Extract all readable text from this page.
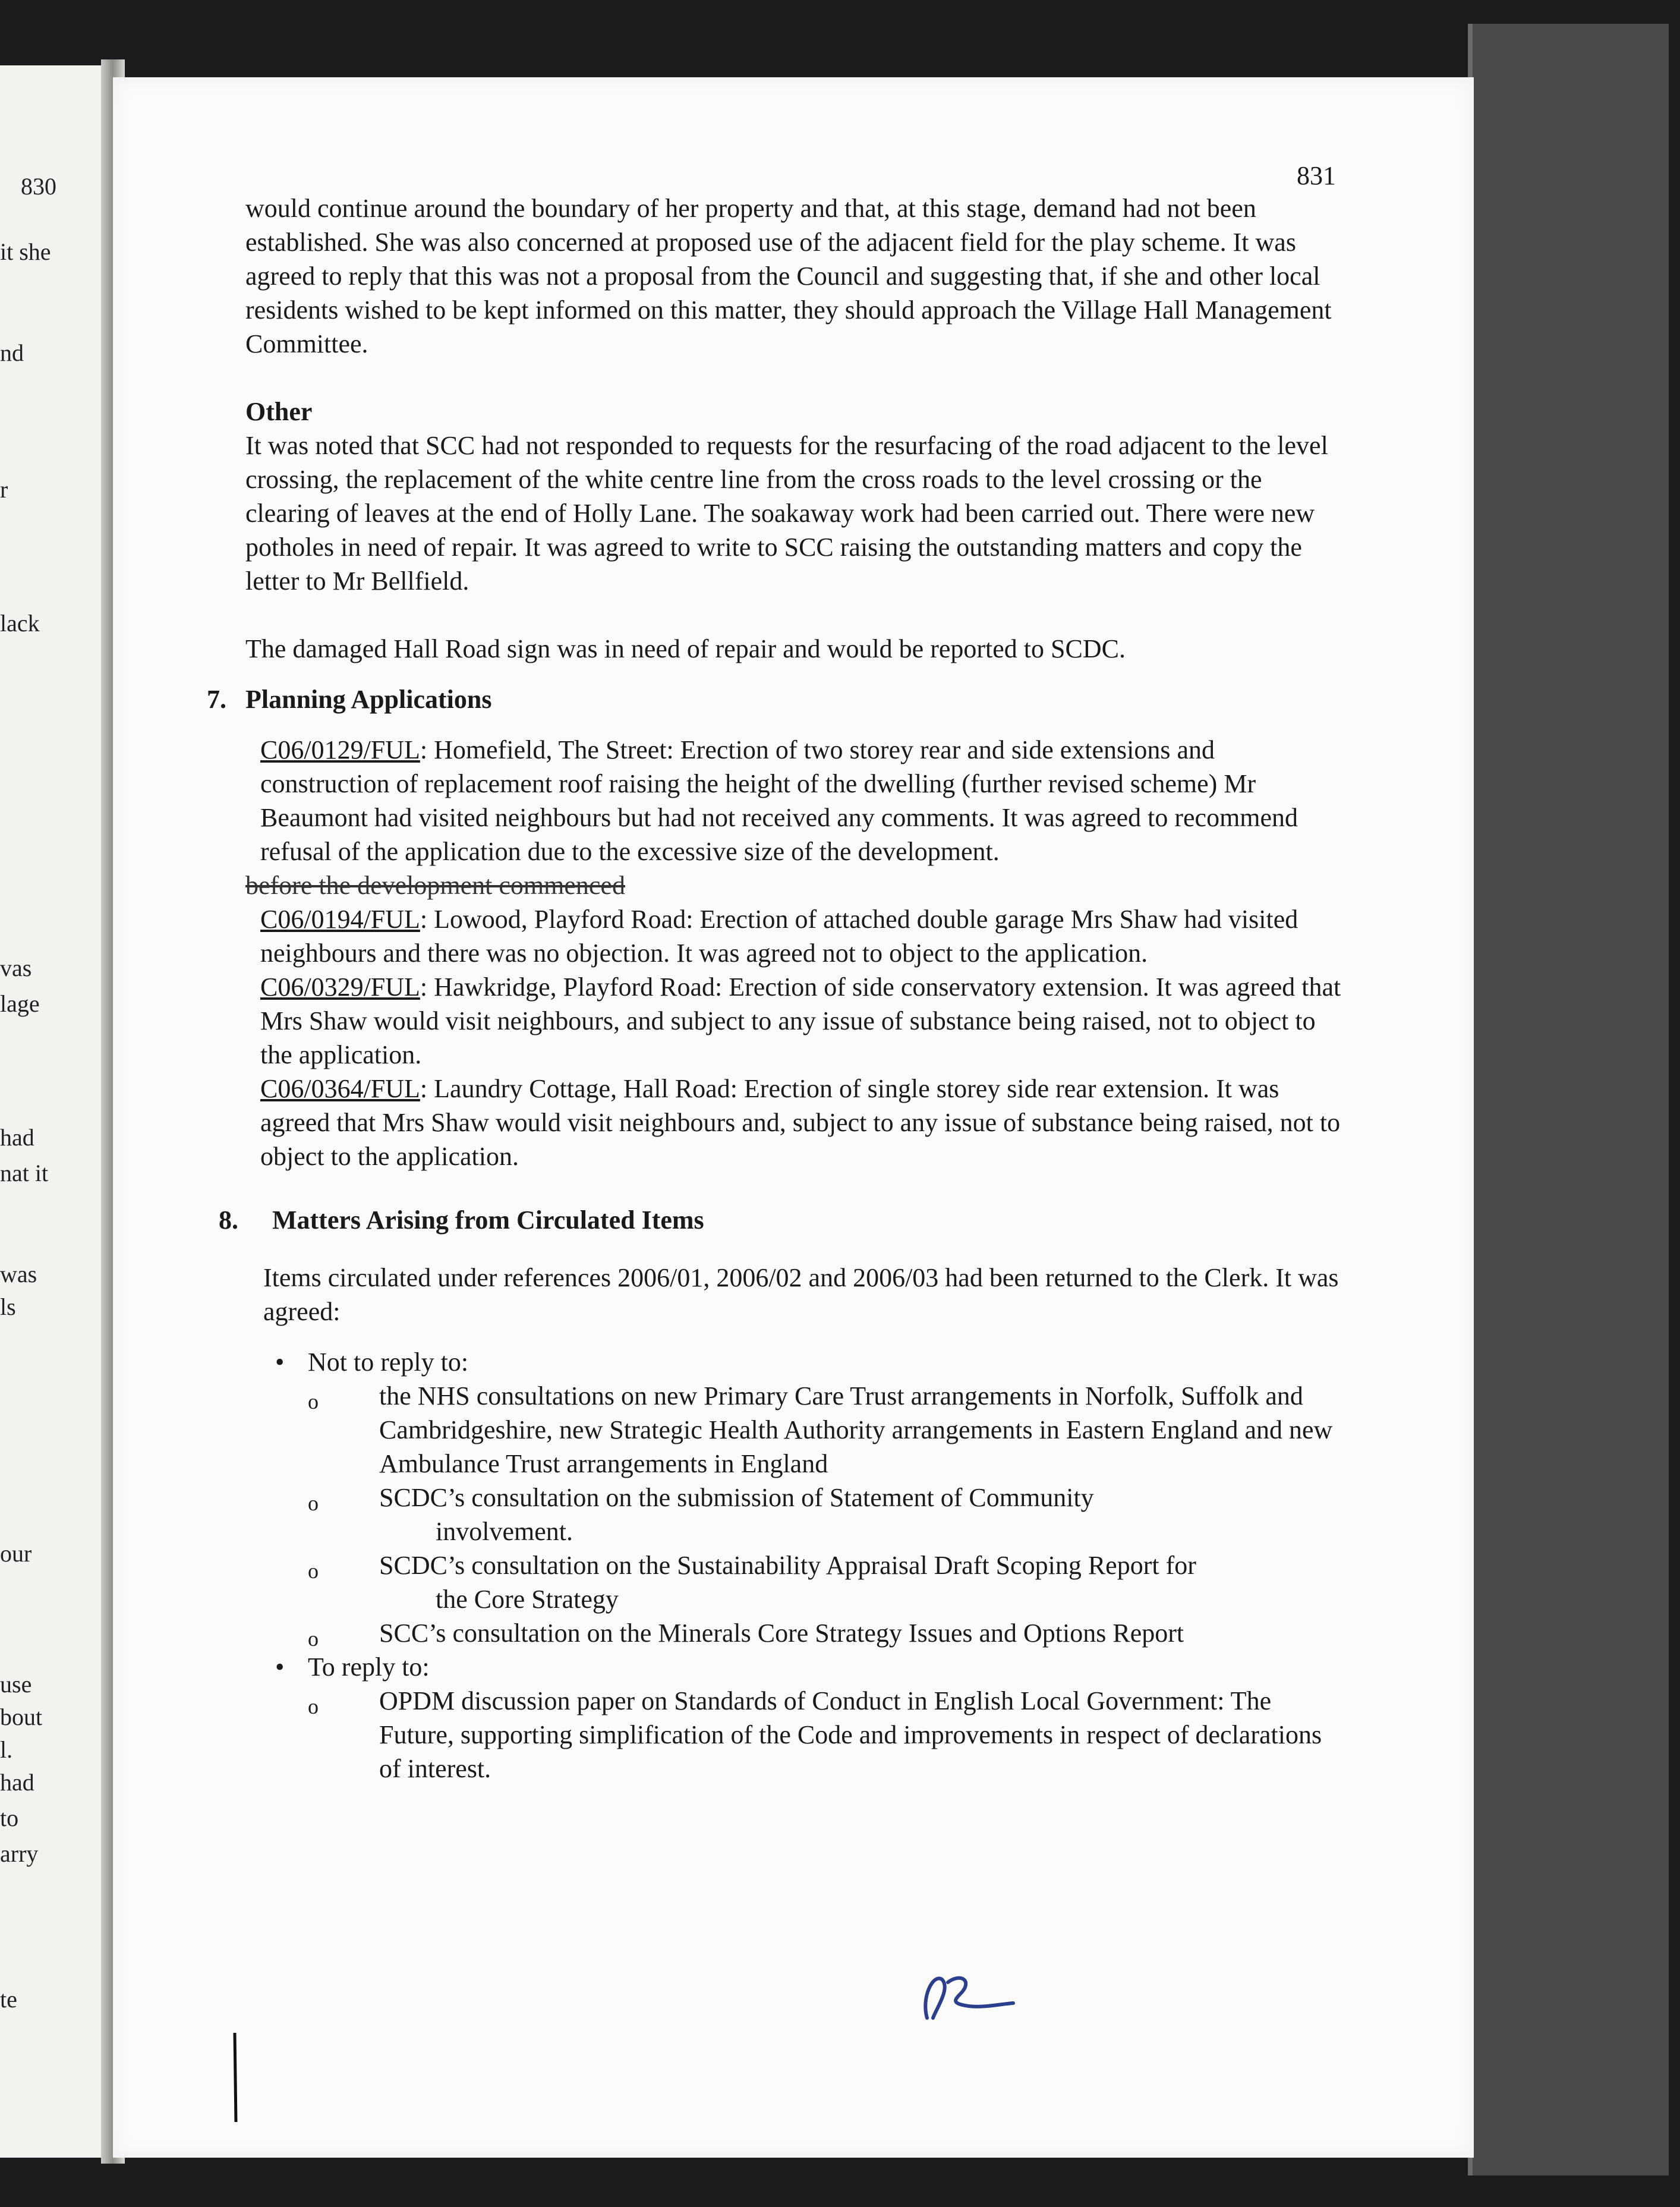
830
it she
nd
r
lack
vas
lage
had
nat it
was
ls
our
use
bout
l.
had
to
arry
te
831

would continue around the boundary of her property and that, at this stage, demand had not been established. She was also concerned at proposed use of the adjacent field for the play scheme. It was agreed to reply that this was not a proposal from the Council and suggesting that, if she and other local residents wished to be kept informed on this matter, they should approach the Village Hall Management Committee.

Other

It was noted that SCC had not responded to requests for the resurfacing of the road adjacent to the level crossing, the replacement of the white centre line from the cross roads to the level crossing or the clearing of leaves at the end of Holly Lane. The soakaway work had been carried out. There were new potholes in need of repair. It was agreed to write to SCC raising the outstanding matters and copy the letter to Mr Bellfield.

The damaged Hall Road sign was in need of repair and would be reported to SCDC.

7. Planning Applications

C06/0129/FUL: Homefield, The Street: Erection of two storey rear and side extensions and construction of replacement roof raising the height of the dwelling (further revised scheme) Mr Beaumont had visited neighbours but had not received any comments. It was agreed to recommend refusal of the application due to the excessive size of the development.

before the development commenced

C06/0194/FUL: Lowood, Playford Road: Erection of attached double garage Mrs Shaw had visited neighbours and there was no objection. It was agreed not to object to the application.

C06/0329/FUL: Hawkridge, Playford Road: Erection of side conservatory extension. It was agreed that Mrs Shaw would visit neighbours, and subject to any issue of substance being raised, not to object to the application.

C06/0364/FUL: Laundry Cottage, Hall Road: Erection of single storey side rear extension. It was agreed that Mrs Shaw would visit neighbours and, subject to any issue of substance being raised, not to object to the application.

8. Matters Arising from Circulated Items

Items circulated under references 2006/01, 2006/02 and 2006/03 had been returned to the Clerk. It was agreed:

• Not to reply to:
o the NHS consultations on new Primary Care Trust arrangements in Norfolk, Suffolk and Cambridgeshire, new Strategic Health Authority arrangements in Eastern England and new Ambulance Trust arrangements in England
o SCDC’s consultation on the submission of Statement of Community
involvement.
o SCDC’s consultation on the Sustainability Appraisal Draft Scoping Report for
the Core Strategy
o SCC’s consultation on the Minerals Core Strategy Issues and Options Report
• To reply to:
o OPDM discussion paper on Standards of Conduct in English Local Government: The Future, supporting simplification of the Code and improvements in respect of declarations of interest.
